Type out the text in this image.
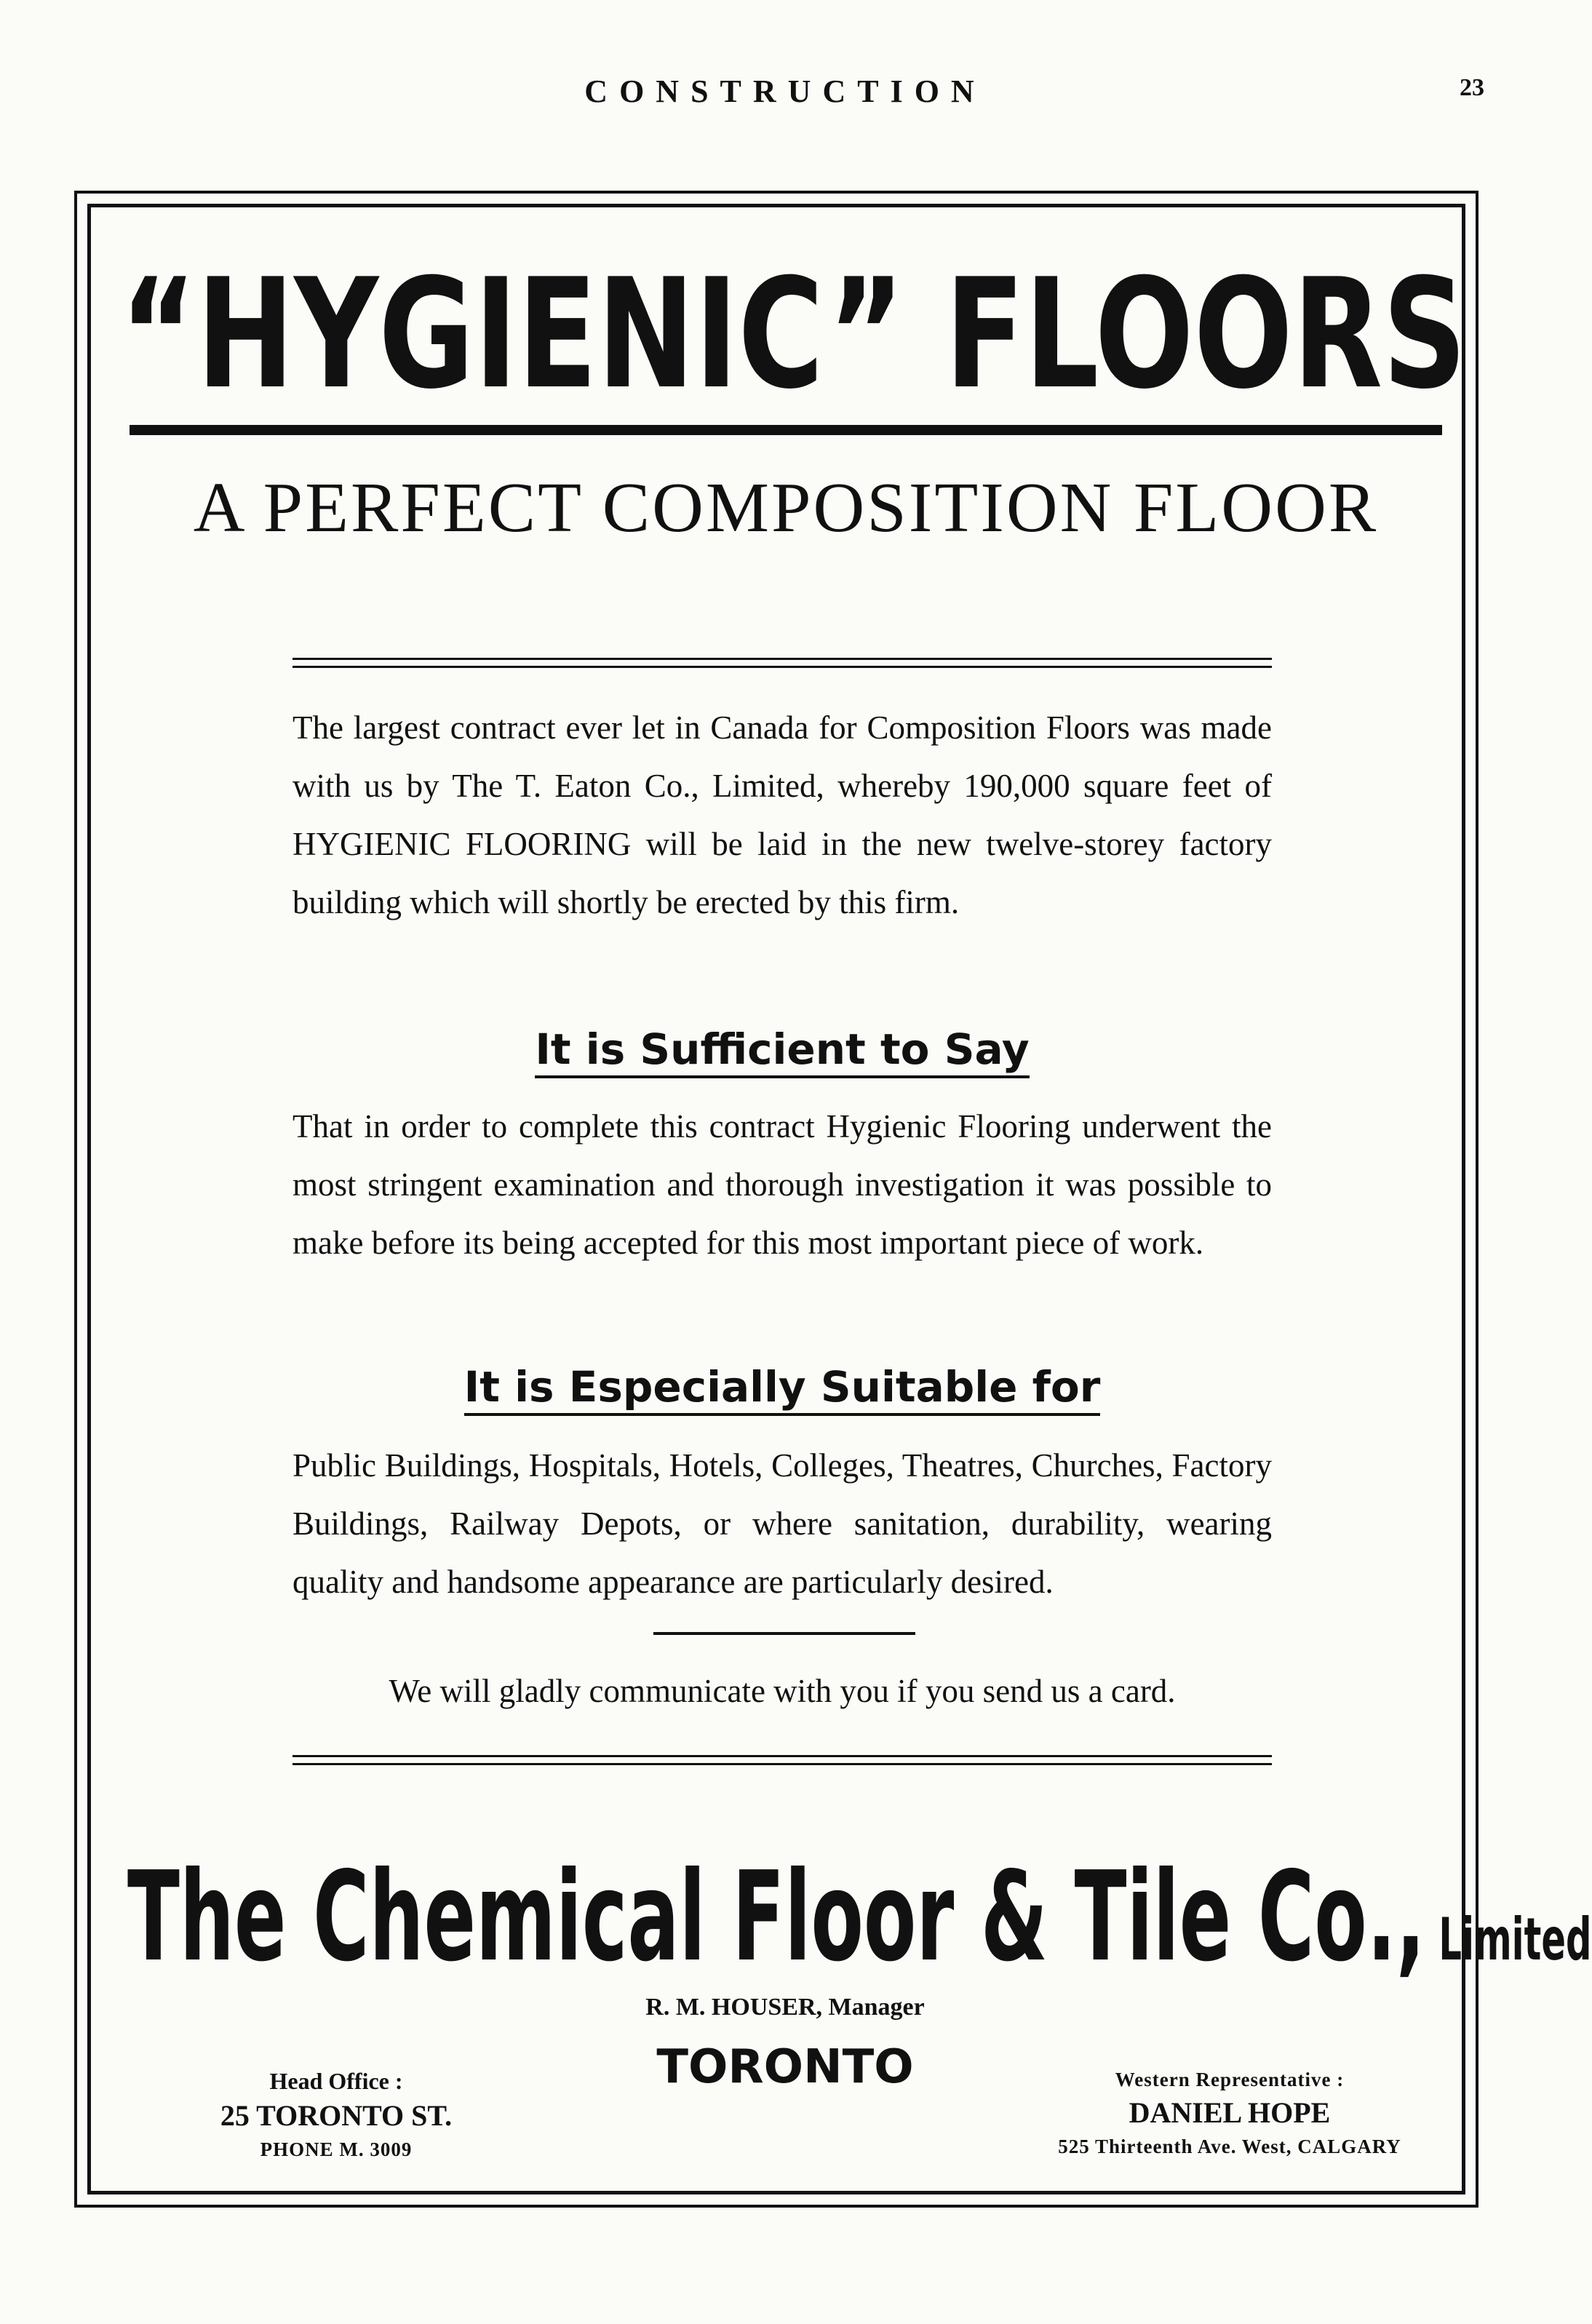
CONSTRUCTION	23
“HYGIENIC” FLOORS
A PERFECT COMPOSITION FLOOR
The largest contract ever let in Canada for Composition Floors was made with us by The T. Eaton Co., Limited, whereby 190,000 square feet of HYGIENIC FLOORING will be laid in the new twelve-storey factory building which will shortly be erected by this firm.
It is Sufficient to Say
That in order to complete this contract Hygienic Flooring underwent the most stringent examination and thorough investigation it was possible to make before its being accepted for this most important piece of work.
It is Especially Suitable for
Public Buildings, Hospitals, Hotels, Colleges, Theatres, Churches, Factory Buildings, Railway Depots, or where sanitation, durability, wearing quality and handsome appearance are particularly desired.
We will gladly communicate with you if you send us a card.
The Chemical Floor & Tile Co., Limited
R. M. HOUSER, Manager
TORONTO
Head Office :
25 TORONTO ST.
PHONE M. 3009
Western Representative :
DANIEL HOPE
525 Thirteenth Ave. West, CALGARY
